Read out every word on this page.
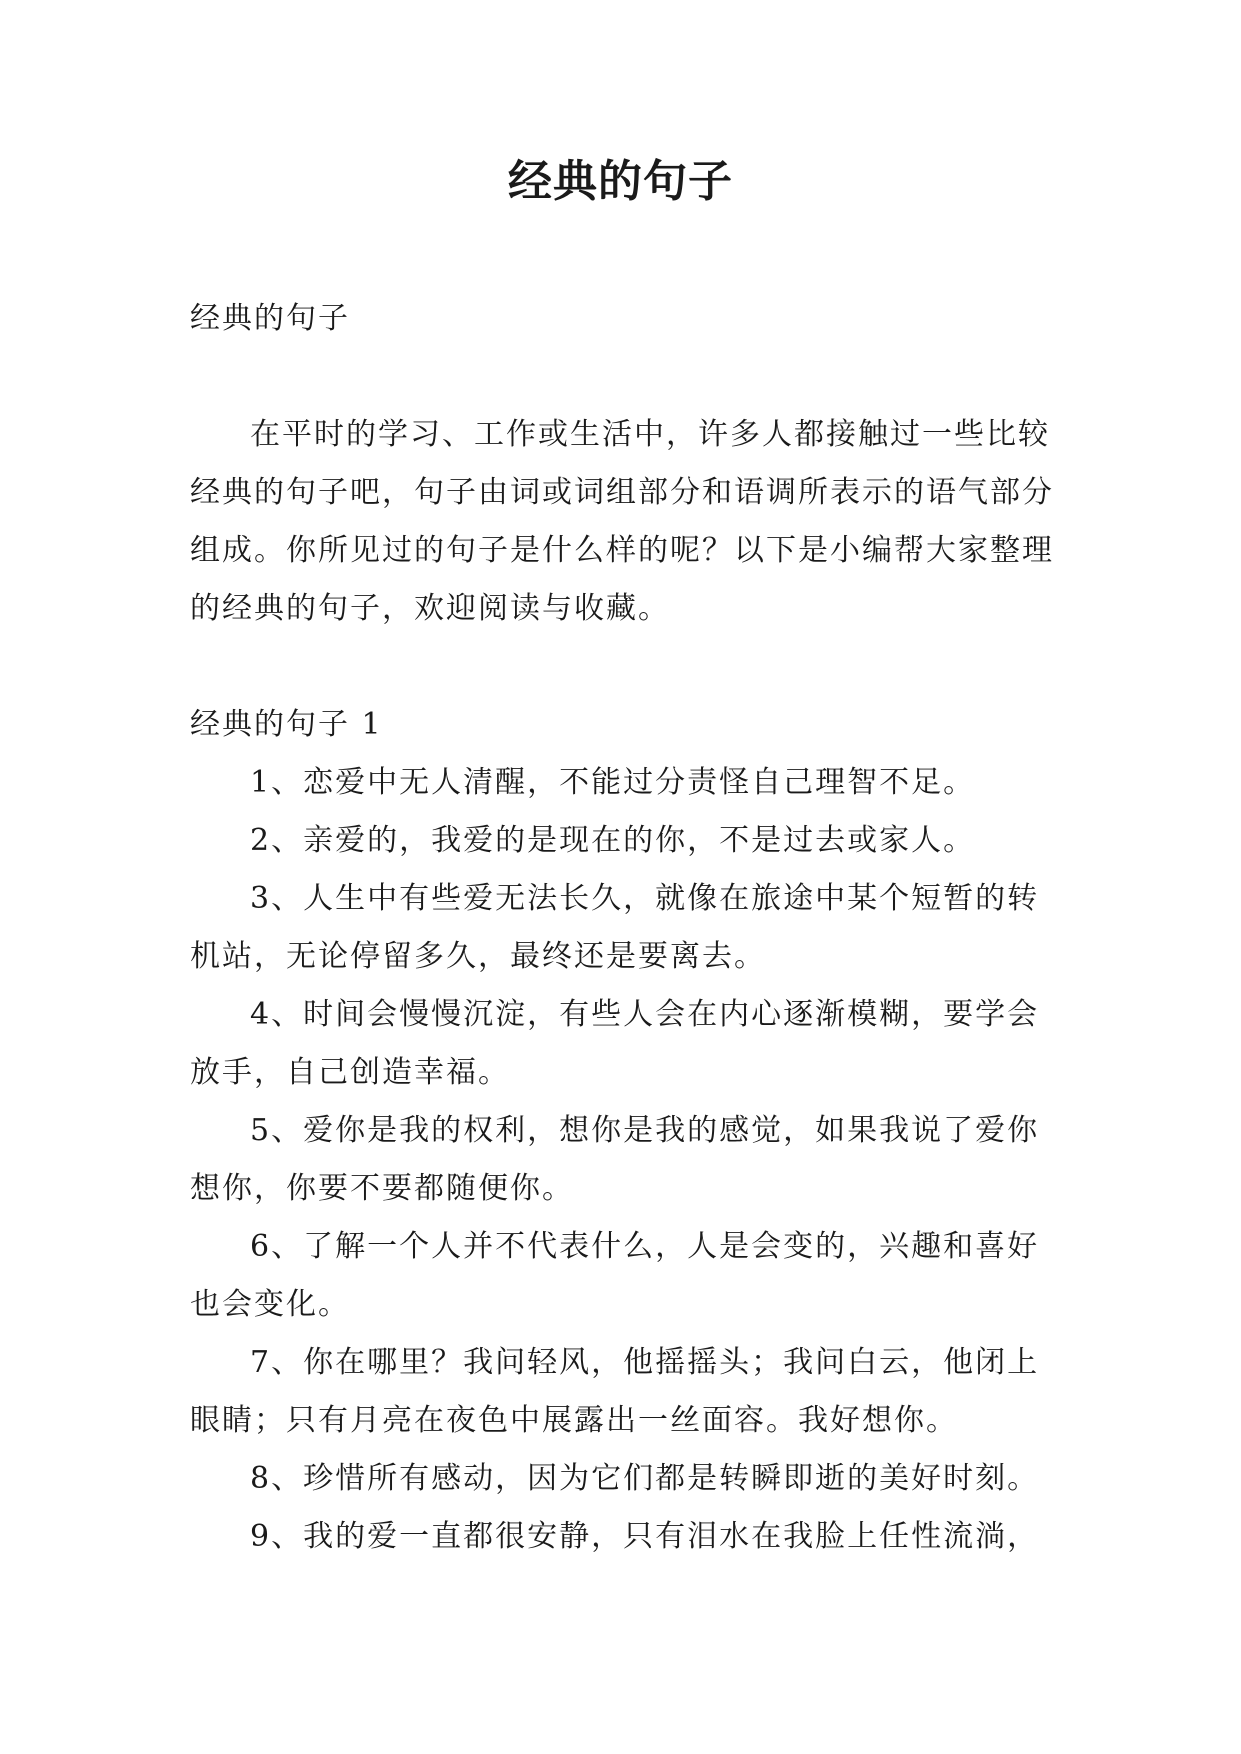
经典的句子

经典的句子

在平时的学习、工作或生活中，许多人都接触过一些比较经典的句子吧，句子由词或词组部分和语调所表示的语气部分组成。你所见过的句子是什么样的呢？以下是小编帮大家整理的经典的句子，欢迎阅读与收藏。

经典的句子 1

1、恋爱中无人清醒，不能过分责怪自己理智不足。

2、亲爱的，我爱的是现在的你，不是过去或家人。

3、人生中有些爱无法长久，就像在旅途中某个短暂的转机站，无论停留多久，最终还是要离去。

4、时间会慢慢沉淀，有些人会在内心逐渐模糊，要学会放手，自己创造幸福。

5、爱你是我的权利，想你是我的感觉，如果我说了爱你想你，你要不要都随便你。

6、了解一个人并不代表什么，人是会变的，兴趣和喜好也会变化。

7、你在哪里？我问轻风，他摇摇头；我问白云，他闭上眼睛；只有月亮在夜色中展露出一丝面容。我好想你。

8、珍惜所有感动，因为它们都是转瞬即逝的美好时刻。

9、我的爱一直都很安静，只有泪水在我脸上任性流淌，
